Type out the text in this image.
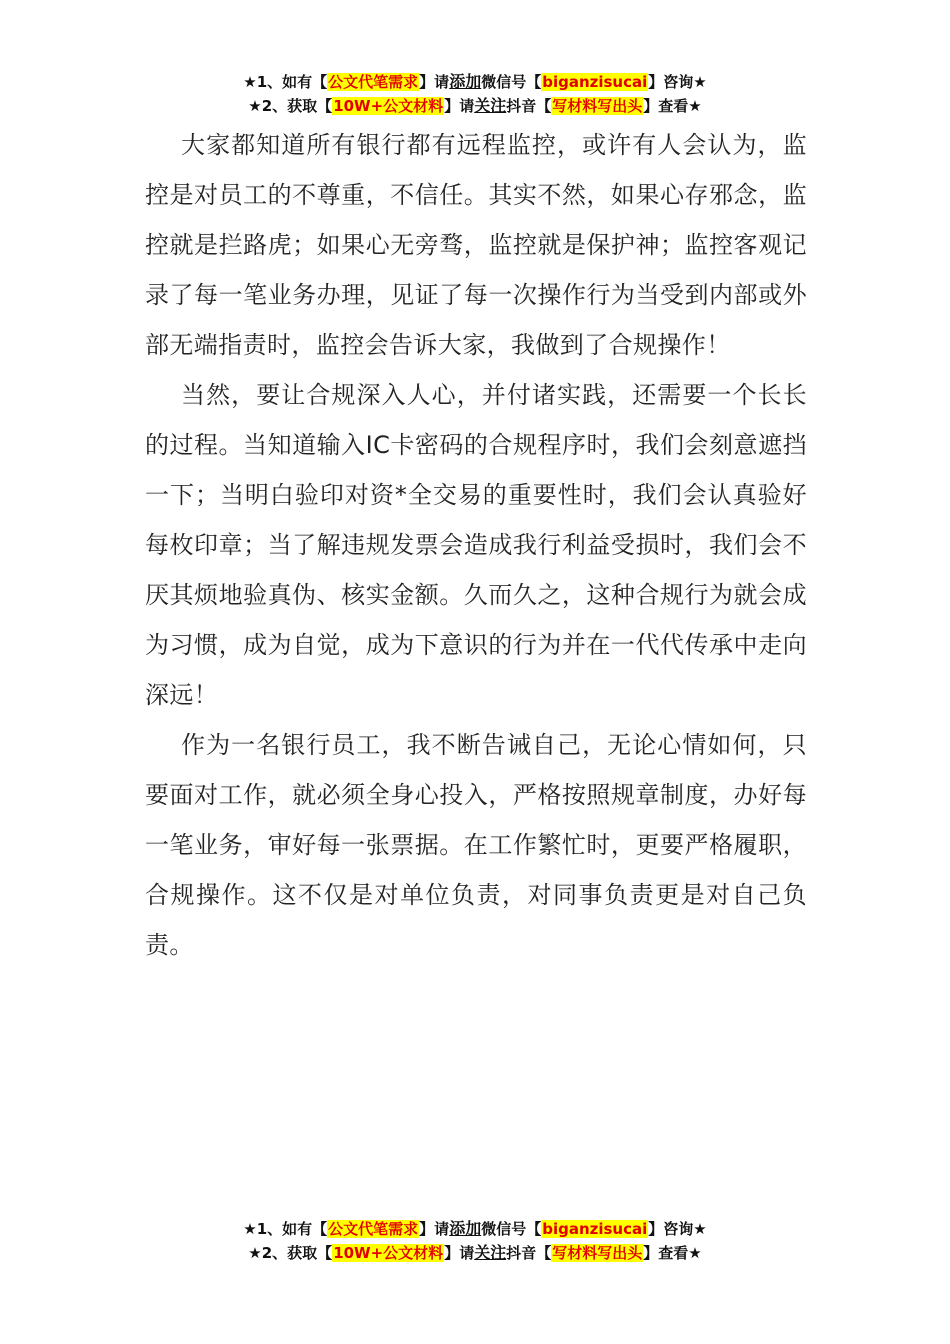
★1、如有【公文代笔需求】请添加微信号【biganzisucai】咨询★
★2、获取【10W+公文材料】请关注抖音【写材料写出头】查看★

大家都知道所有银行都有远程监控，或许有人会认为，监控是对员工的不尊重，不信任。其实不然，如果心存邪念，监控就是拦路虎；如果心无旁骛，监控就是保护神；监控客观记录了每一笔业务办理，见证了每一次操作行为当受到内部或外部无端指责时，监控会告诉大家，我做到了合规操作！

当然，要让合规深入人心，并付诸实践，还需要一个长长的过程。当知道输入IC卡密码的合规程序时，我们会刻意遮挡一下；当明白验印对资*全交易的重要性时，我们会认真验好每枚印章；当了解违规发票会造成我行利益受损时，我们会不厌其烦地验真伪、核实金额。久而久之，这种合规行为就会成为习惯，成为自觉，成为下意识的行为并在一代代传承中走向深远！

作为一名银行员工，我不断告诫自己，无论心情如何，只要面对工作，就必须全身心投入，严格按照规章制度，办好每一笔业务，审好每一张票据。在工作繁忙时，更要严格履职，合规操作。这不仅是对单位负责，对同事负责更是对自己负责。

★1、如有【公文代笔需求】请添加微信号【biganzisucai】咨询★
★2、获取【10W+公文材料】请关注抖音【写材料写出头】查看★
